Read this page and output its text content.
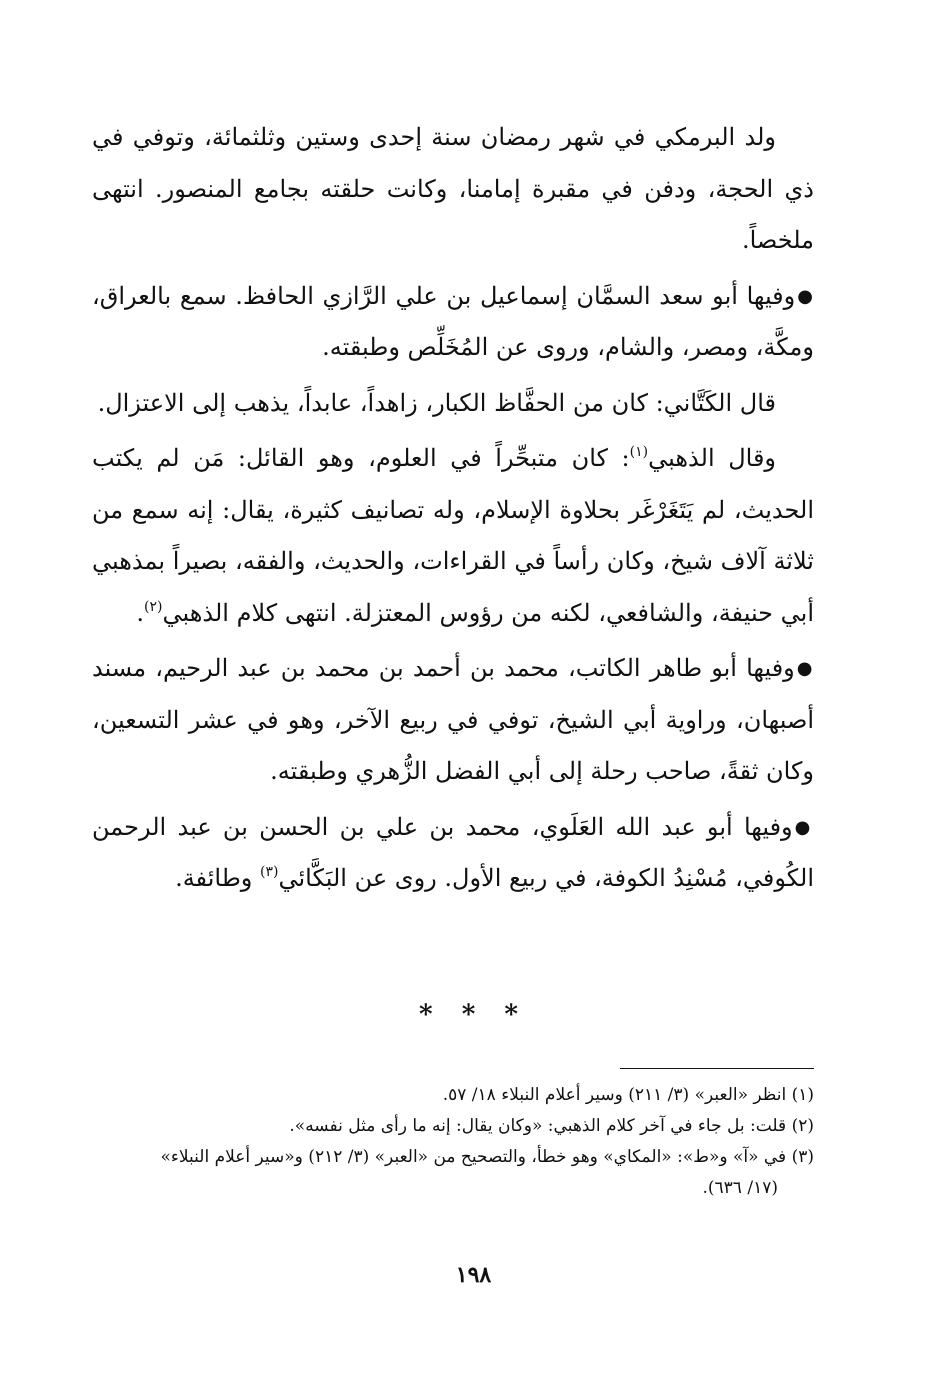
ولد البرمكي في شهر رمضان سنة إحدى وستين وثلثمائة، وتوفي في ذي الحجة، ودفن في مقبرة إمامنا، وكانت حلقته بجامع المنصور. انتهى ملخصاً.

●وفيها أبو سعد السمَّان إسماعيل بن علي الرَّازي الحافظ. سمع بالعراق، ومكَّة، ومصر، والشام، وروى عن المُخَلِّص وطبقته.

قال الكَتَّاني: كان من الحفَّاظ الكبار، زاهداً، عابداً، يذهب إلى الاعتزال.

وقال الذهبي$^{(١)}$: كان متبحِّراً في العلوم، وهو القائل: مَن لم يكتب الحديث، لم يَتَغَرْغَر بحلاوة الإسلام، وله تصانيف كثيرة، يقال: إنه سمع من ثلاثة آلاف شيخ، وكان رأساً في القراءات، والحديث، والفقه، بصيراً بمذهبي أبي حنيفة، والشافعي، لكنه من رؤوس المعتزلة. انتهى كلام الذهبي$^{(٢)}$.

●وفيها أبو طاهر الكاتب، محمد بن أحمد بن محمد بن عبد الرحيم، مسند أصبهان، وراوية أبي الشيخ، توفي في ربيع الآخر، وهو في عشر التسعين، وكان ثقةً، صاحب رحلة إلى أبي الفضل الزُّهري وطبقته.

●وفيها أبو عبد الله العَلَوي، محمد بن علي بن الحسن بن عبد الرحمن الكُوفي، مُسْنِدُ الكوفة، في ربيع الأول. روى عن البَكَّائي$^{(٣)}$ وطائفة.

* * *

(١) انظر «العبر» (٣/ ٢١١) وسير أعلام النبلاء ١٨/ ٥٧.

(٢) قلت: بل جاء في آخر كلام الذهبي: «وكان يقال: إنه ما رأى مثل نفسه».

(٣) في «آ» و«ط»: «المكاي» وهو خطأ، والتصحيح من «العبر» (٣/ ٢١٢) و«سير أعلام النبلاء»

(١٧/ ٦٣٦).

١٩٨
